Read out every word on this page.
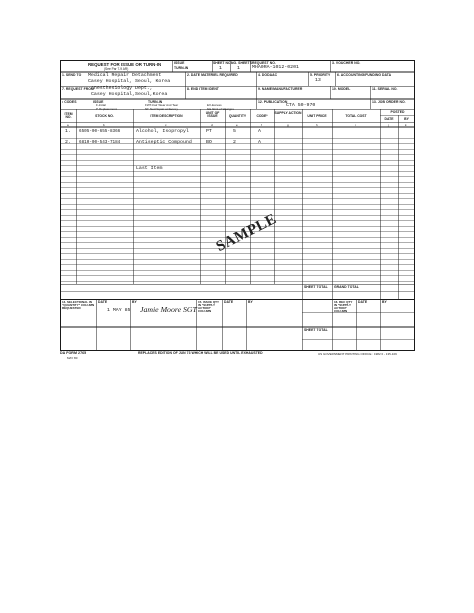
REQUEST FOR ISSUE OR TURN-IN
(See Par 7-9 AR)
ISSUE
TURN-IN
SHEET NO.
1
NO. SHEETS
1
REQUEST NO.
MHA0RA-1012-0201
3. VOUCHER NO.
1. SEND TO Medical Repair Detachment
Casey Hospital, Seoul, Korea
2. DATE MATERIEL REQUIRED	4. DODAAC	5. PRIORITY
13
6. ACCOUNTING/FUNDING DATA
7. REQUEST FROM
Anesthesiology Dept.,
Casey Hospital,Seoul,Korea
8. END ITEM IDENT	9. NAME/MANUFACTURER	10. MODEL	11. SERIAL NO.
• CODES	ISSUE	TURN-IN
F-Initial
P-Replacement
FWT-Fair Wear And Tear
NF-Not Repair at Survey
EX-Excess
SC-Stmt of Charges
12. PUBLICATION
CTA 50-970
13. JOB ORDER NO.
ITEM NO.	STOCK NO.	ITEM DESCRIPTION
UNIT OF ISSUE	QUANTITY	CODE*
SUPPLY ACTION
UNIT PRICE	TOTAL COST
POSTED
DATE	BY
a	b	c	d	e	f	g	h	i	j	k
1. 6505-00-655-8366	Alcohol, Isopropyl	PT	5	A
2. 6810-00-543-7184	Antiseptic Compound	BO	2	A
Last Item
SAMPLE
SHEET TOTAL GRAND TOTAL
14. SELECTIONAL IN "QUANTITY" COLUMN REQUESTED
DATE
1 MAY 85
BY
Jamie Moore SGT
15. ISSUE QTY IN "SUPPLY ACTION" COLUMN
DATE	BY	16. REC QTY IN "SUPPLY ACTION" COLUMN
DATE	BY
SHEET TOTAL
DA FORM 2765
MAY 80
REPLACES EDITION OF JUN 73 WHICH WILL BE USED UNTIL EXHAUSTED	US GOVERNMENT PRINTING OFFICE : 1982 0 - 135-109
